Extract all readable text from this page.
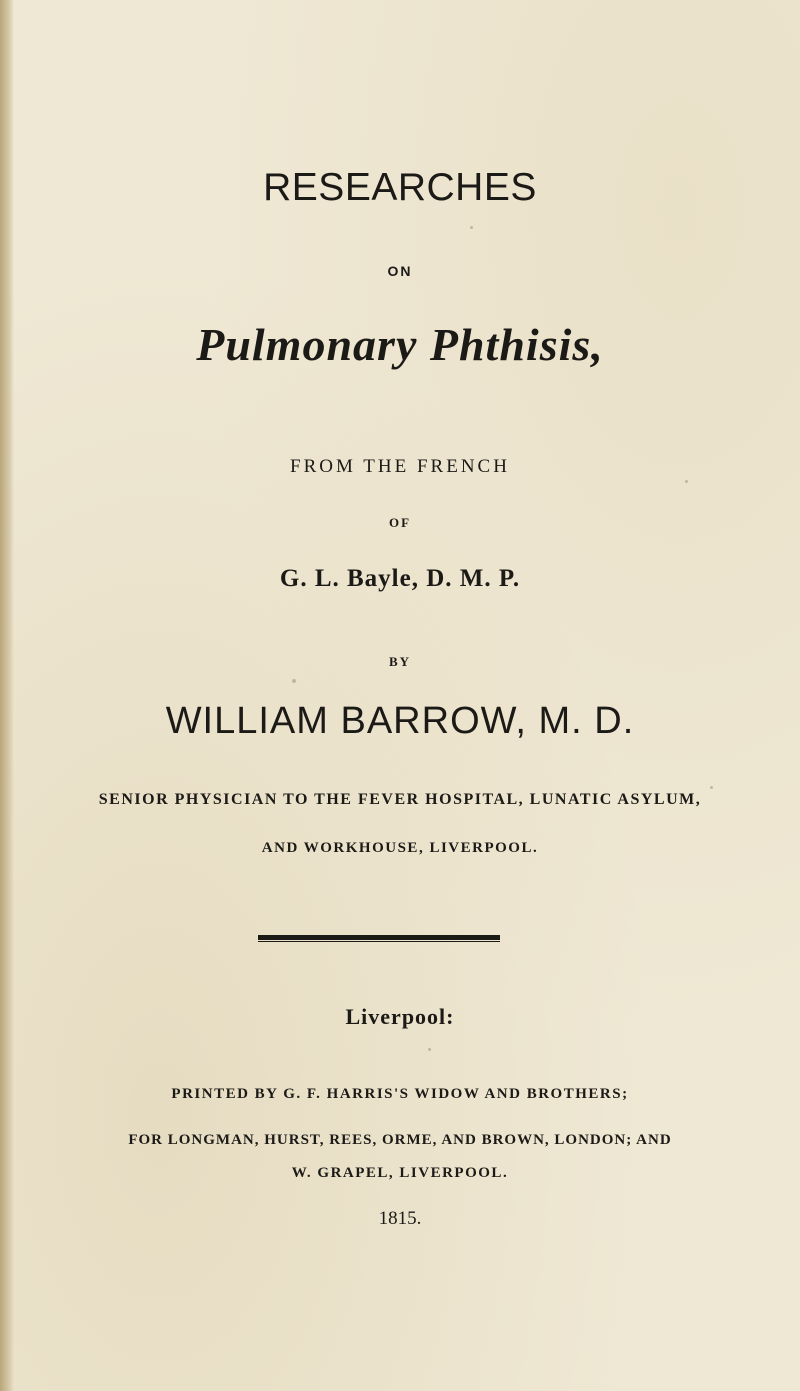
RESEARCHES
ON
Pulmonary Phthisis,
FROM THE FRENCH
OF
G. L. Bayle, D. M. P.
BY
WILLIAM BARROW, M. D.
SENIOR PHYSICIAN TO THE FEVER HOSPITAL, LUNATIC ASYLUM,
AND WORKHOUSE, LIVERPOOL.
Liverpool:
PRINTED BY G. F. HARRIS'S WIDOW AND BROTHERS;
FOR LONGMAN, HURST, REES, ORME, AND BROWN, LONDON; AND
W. GRAPEL, LIVERPOOL.
1815.
